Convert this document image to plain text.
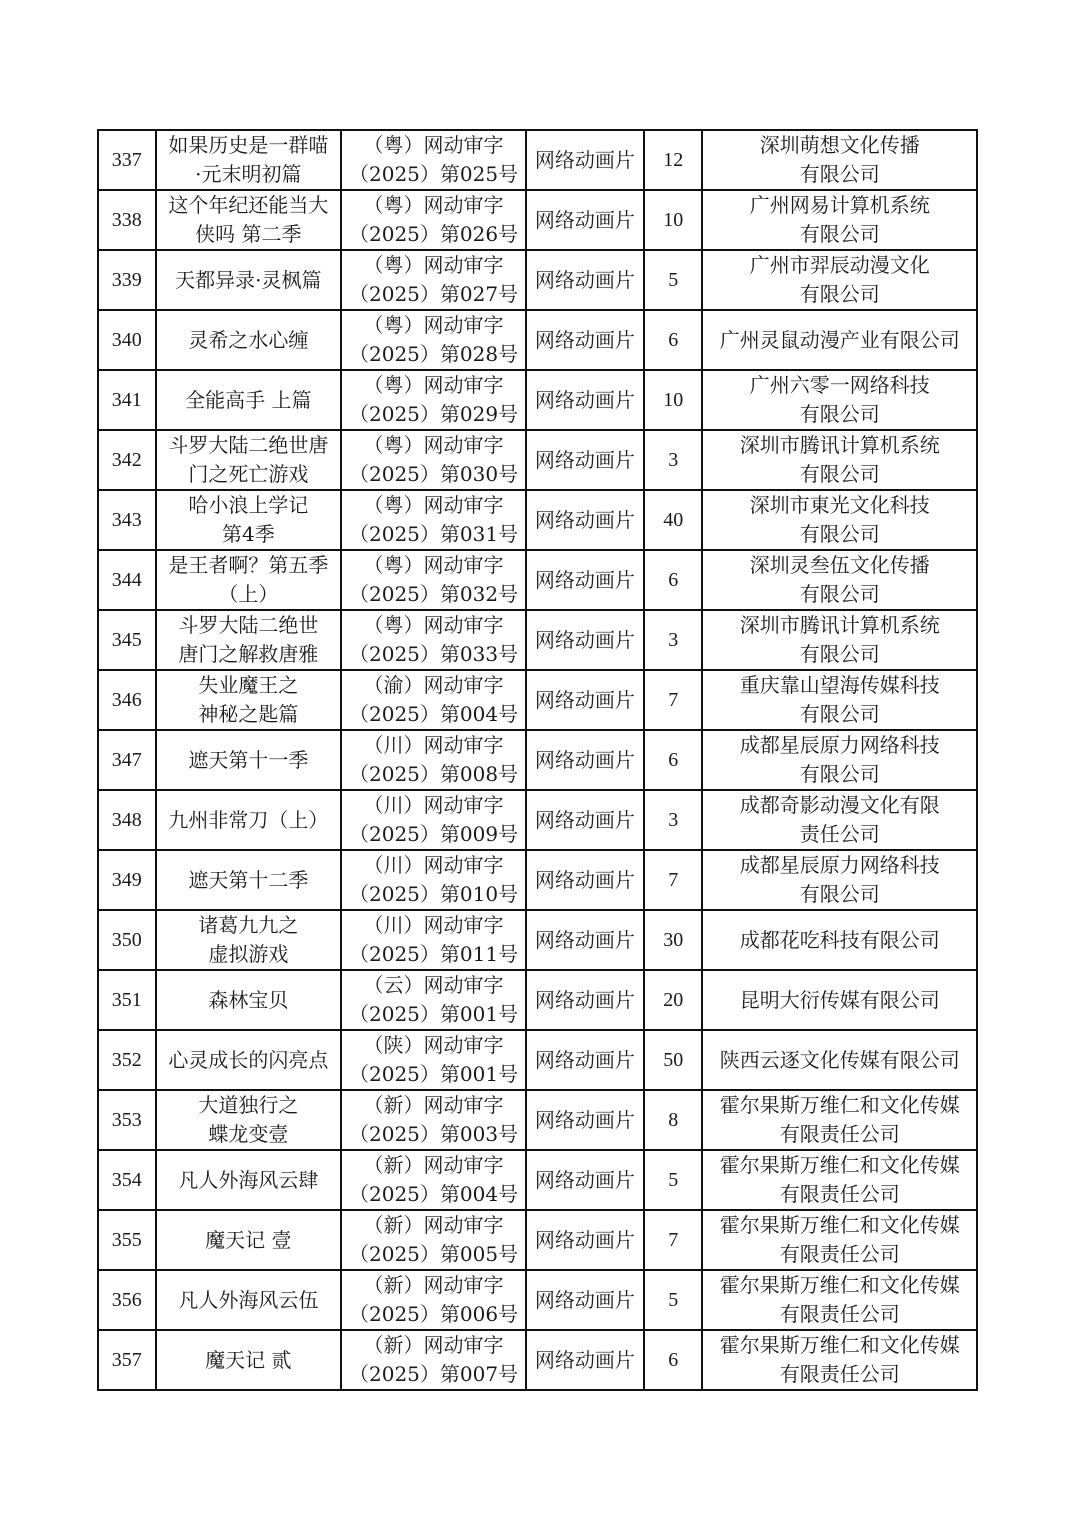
337	如果历史是一群喵
·元末明初篇	（粤）网动审字
（2025）第025号	网络动画片	12	深圳萌想文化传播
有限公司

338	这个年纪还能当大
侠吗 第二季	（粤）网动审字
（2025）第026号	网络动画片	10	广州网易计算机系统
有限公司

339	天都异录·灵枫篇	（粤）网动审字
（2025）第027号	网络动画片	5	广州市羿辰动漫文化
有限公司

340	灵希之水心缠	（粤）网动审字
（2025）第028号	网络动画片	6	广州灵鼠动漫产业有限公司

341	全能高手 上篇	（粤）网动审字
（2025）第029号	网络动画片	10	广州六零一网络科技
有限公司

342	斗罗大陆二绝世唐
门之死亡游戏	（粤）网动审字
（2025）第030号	网络动画片	3	深圳市腾讯计算机系统
有限公司

343	哈小浪上学记
第4季	（粤）网动审字
（2025）第031号	网络动画片	40	深圳市東光文化科技
有限公司

344	是王者啊？第五季
（上）	（粤）网动审字
（2025）第032号	网络动画片	6	深圳灵叁伍文化传播
有限公司

345	斗罗大陆二绝世
唐门之解救唐雅	（粤）网动审字
（2025）第033号	网络动画片	3	深圳市腾讯计算机系统
有限公司

346	失业魔王之
神秘之匙篇	（渝）网动审字
（2025）第004号	网络动画片	7	重庆靠山望海传媒科技
有限公司

347	遮天第十一季	（川）网动审字
（2025）第008号	网络动画片	6	成都星辰原力网络科技
有限公司

348	九州非常刀（上）	（川）网动审字
（2025）第009号	网络动画片	3	成都奇影动漫文化有限
责任公司

349	遮天第十二季	（川）网动审字
（2025）第010号	网络动画片	7	成都星辰原力网络科技
有限公司

350	诸葛九九之
虚拟游戏	（川）网动审字
（2025）第011号	网络动画片	30	成都花吃科技有限公司

351	森林宝贝	（云）网动审字
（2025）第001号	网络动画片	20	昆明大衍传媒有限公司

352	心灵成长的闪亮点	（陕）网动审字
（2025）第001号	网络动画片	50	陕西云逐文化传媒有限公司

353	大道独行之
蝶龙变壹	（新）网动审字
（2025）第003号	网络动画片	8	霍尔果斯万维仁和文化传媒
有限责任公司

354	凡人外海风云肆	（新）网动审字
（2025）第004号	网络动画片	5	霍尔果斯万维仁和文化传媒
有限责任公司

355	魔天记 壹	（新）网动审字
（2025）第005号	网络动画片	7	霍尔果斯万维仁和文化传媒
有限责任公司

356	凡人外海风云伍	（新）网动审字
（2025）第006号	网络动画片	5	霍尔果斯万维仁和文化传媒
有限责任公司

357	魔天记 贰	（新）网动审字
（2025）第007号	网络动画片	6	霍尔果斯万维仁和文化传媒
有限责任公司
